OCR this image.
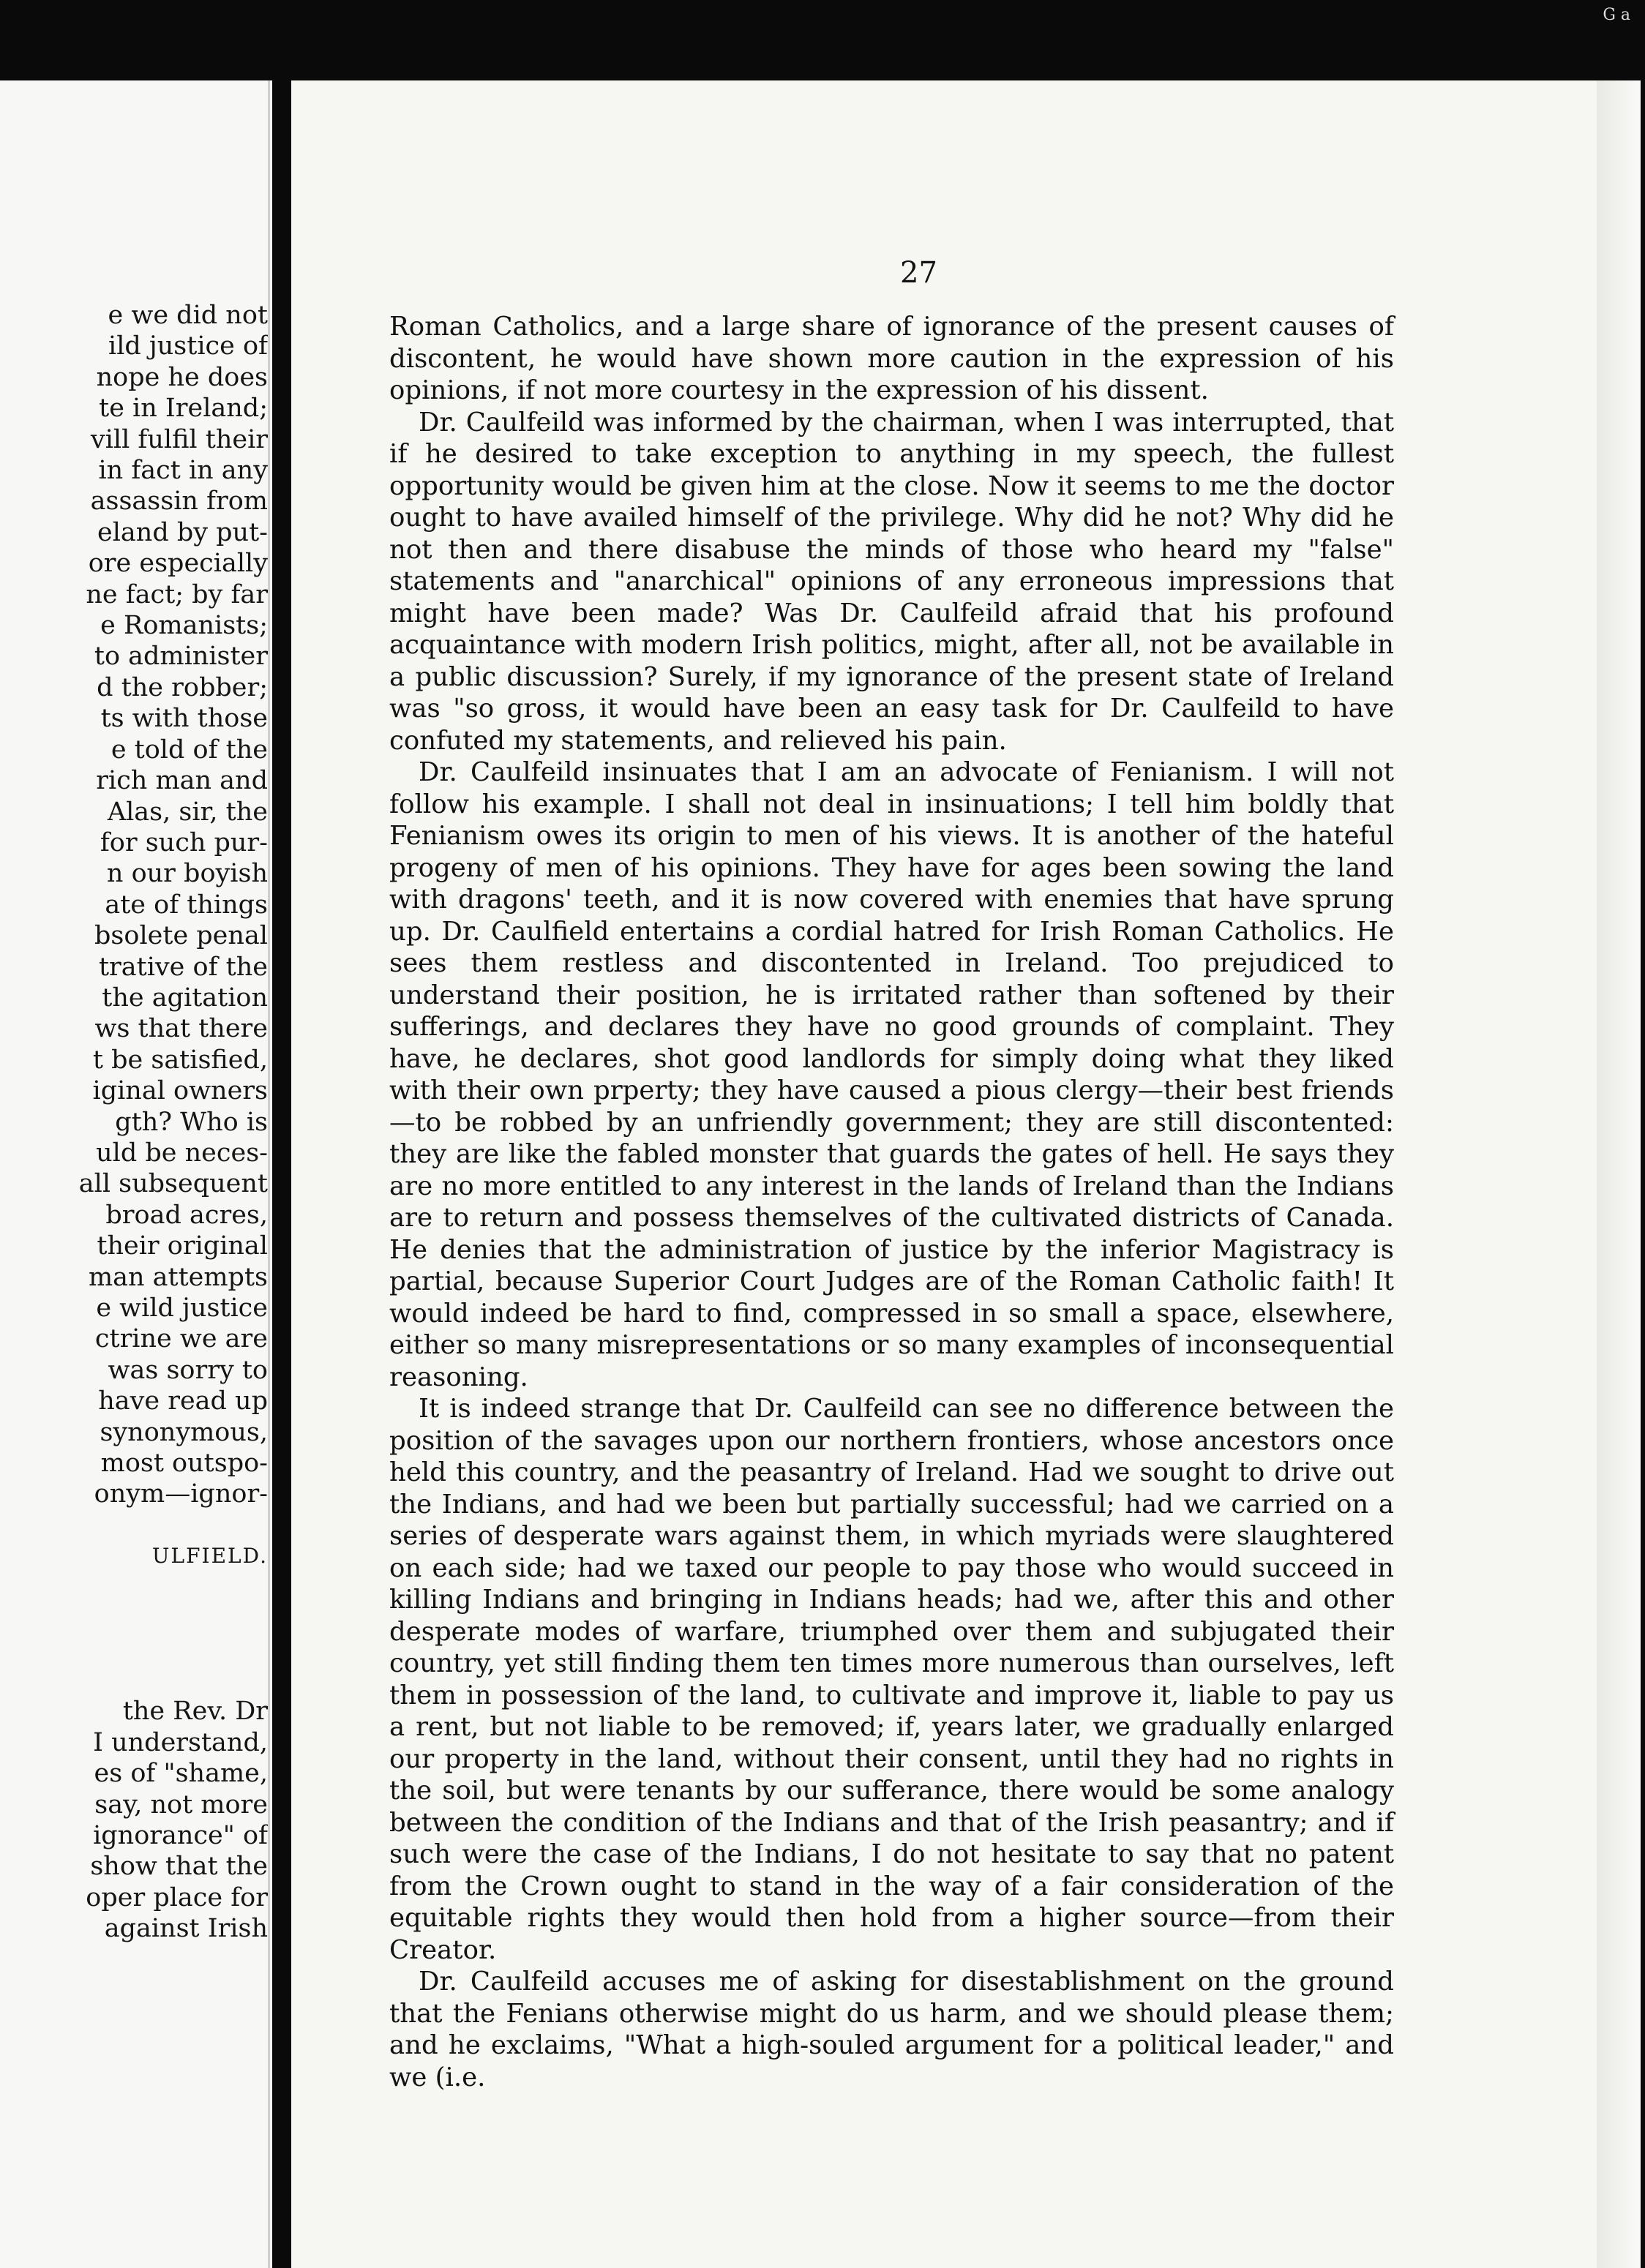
G a
e we did not
ild justice of
nope he does
te in Ireland;
vill fulfil their
in fact in any
assassin from
eland by put-
ore especially
ne fact; by far
e Romanists;
to administer
d the robber;
ts with those
e told of the
rich man and
Alas, sir, the
for such pur-
n our boyish
ate of things
bsolete penal
trative of the
the agitation
ws that there
t be satisfied,
iginal owners
gth? Who is
uld be neces-
all subsequent
broad acres,
their original
man attempts
e wild justice
ctrine we are
was sorry to
have read up
synonymous,
most outspo-
onym—ignor-

ULFIELD.

the Rev. Dr
I understand,
es of "shame,
say, not more
ignorance" of
show that the
oper place for
against Irish
27

Roman Catholics, and a large share of ignorance of the present causes of discontent, he would have shown more caution in the expression of his opinions, if not more courtesy in the expression of his dissent.

Dr. Caulfeild was informed by the chairman, when I was interrupted, that if he desired to take exception to anything in my speech, the fullest opportunity would be given him at the close. Now it seems to me the doctor ought to have availed himself of the privilege. Why did he not? Why did he not then and there disabuse the minds of those who heard my "false" statements and "anarchical" opinions of any erroneous impressions that might have been made? Was Dr. Caulfeild afraid that his profound acquaintance with modern Irish politics, might, after all, not be available in a public discussion? Surely, if my ignorance of the present state of Ireland was "so gross, it would have been an easy task for Dr. Caulfeild to have confuted my statements, and relieved his pain.

Dr. Caulfeild insinuates that I am an advocate of Fenianism. I will not follow his example. I shall not deal in insinuations; I tell him boldly that Fenianism owes its origin to men of his views. It is another of the hateful progeny of men of his opinions. They have for ages been sowing the land with dragons' teeth, and it is now covered with enemies that have sprung up. Dr. Caulfield entertains a cordial hatred for Irish Roman Catholics. He sees them restless and discontented in Ireland. Too prejudiced to understand their position, he is irritated rather than softened by their sufferings, and declares they have no good grounds of complaint. They have, he declares, shot good landlords for simply doing what they liked with their own prperty; they have caused a pious clergy—their best friends—to be robbed by an unfriendly government; they are still discontented: they are like the fabled monster that guards the gates of hell. He says they are no more entitled to any interest in the lands of Ireland than the Indians are to return and possess themselves of the cultivated districts of Canada. He denies that the administration of justice by the inferior Magistracy is partial, because Superior Court Judges are of the Roman Catholic faith! It would indeed be hard to find, compressed in so small a space, elsewhere, either so many misrepresentations or so many examples of inconsequential reasoning.

It is indeed strange that Dr. Caulfeild can see no difference between the position of the savages upon our northern frontiers, whose ancestors once held this country, and the peasantry of Ireland. Had we sought to drive out the Indians, and had we been but partially successful; had we carried on a series of desperate wars against them, in which myriads were slaughtered on each side; had we taxed our people to pay those who would succeed in killing Indians and bringing in Indians heads; had we, after this and other desperate modes of warfare, triumphed over them and subjugated their country, yet still finding them ten times more numerous than ourselves, left them in possession of the land, to cultivate and improve it, liable to pay us a rent, but not liable to be removed; if, years later, we gradually enlarged our property in the land, without their consent, until they had no rights in the soil, but were tenants by our sufferance, there would be some analogy between the condition of the Indians and that of the Irish peasantry; and if such were the case of the Indians, I do not hesitate to say that no patent from the Crown ought to stand in the way of a fair consideration of the equitable rights they would then hold from a higher source—from their Creator.

Dr. Caulfeild accuses me of asking for disestablishment on the ground that the Fenians otherwise might do us harm, and we should please them; and he exclaims, "What a high-souled argument for a political leader," and we (i.e.
